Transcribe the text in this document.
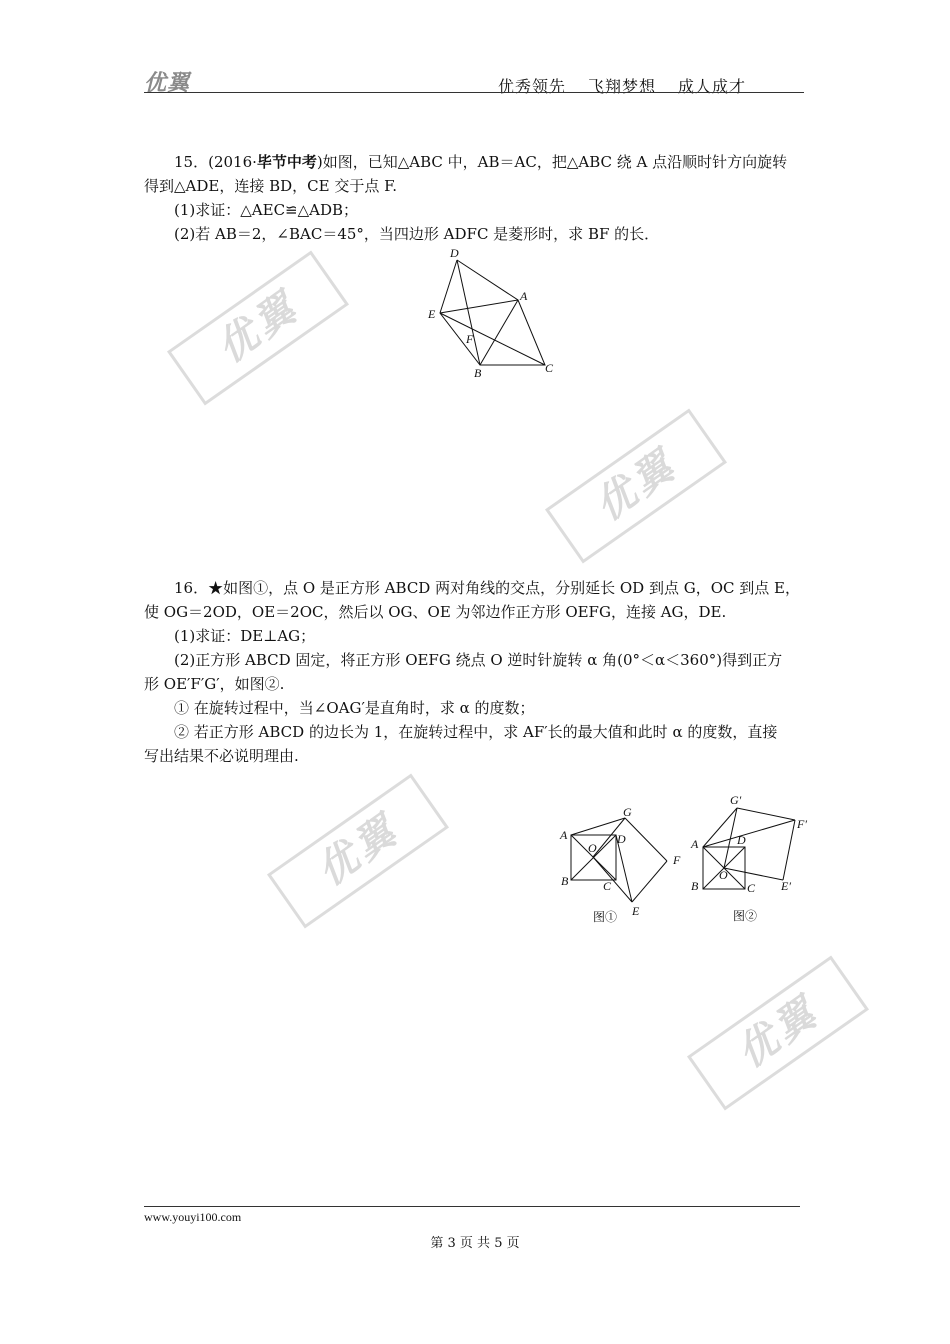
优翼	优秀领先 飞翔梦想 成人成才
优翼
优翼
优翼
优翼
15．(2016·毕节中考)如图，已知△ABC 中，AB＝AC，把△ABC 绕 A 点沿顺时针方向旋转
得到△ADE，连接 BD，CE 交于点 F.
(1)求证：△AEC≌△ADB；
(2)若 AB＝2，∠BAC＝45°，当四边形 ADFC 是菱形时，求 BF 的长．
D
A
E
F
B	C
16．★如图①，点 O 是正方形 ABCD 两对角线的交点，分别延长 OD 到点 G，OC 到点 E，
使 OG＝2OD，OE＝2OC，然后以 OG、OE 为邻边作正方形 OEFG，连接 AG，DE.
(1)求证：DE⊥AG；
(2)正方形 ABCD 固定，将正方形 OEFG 绕点 O 逆时针旋转 α 角(0°＜α＜360°)得到正方
形 OE′F′G′，如图②.
① 在旋转过程中，当∠OAG′是直角时，求 α 的度数；
② 若正方形 ABCD 的边长为 1，在旋转过程中，求 AF′长的最大值和此时 α 的度数，直接
写出结果不必说明理由.
G
A	D
O
F
B	C
E
图①
G′
F′
A	D
O
B	C E′
图②
www.youyi100.com
第 3 页 共 5 页
